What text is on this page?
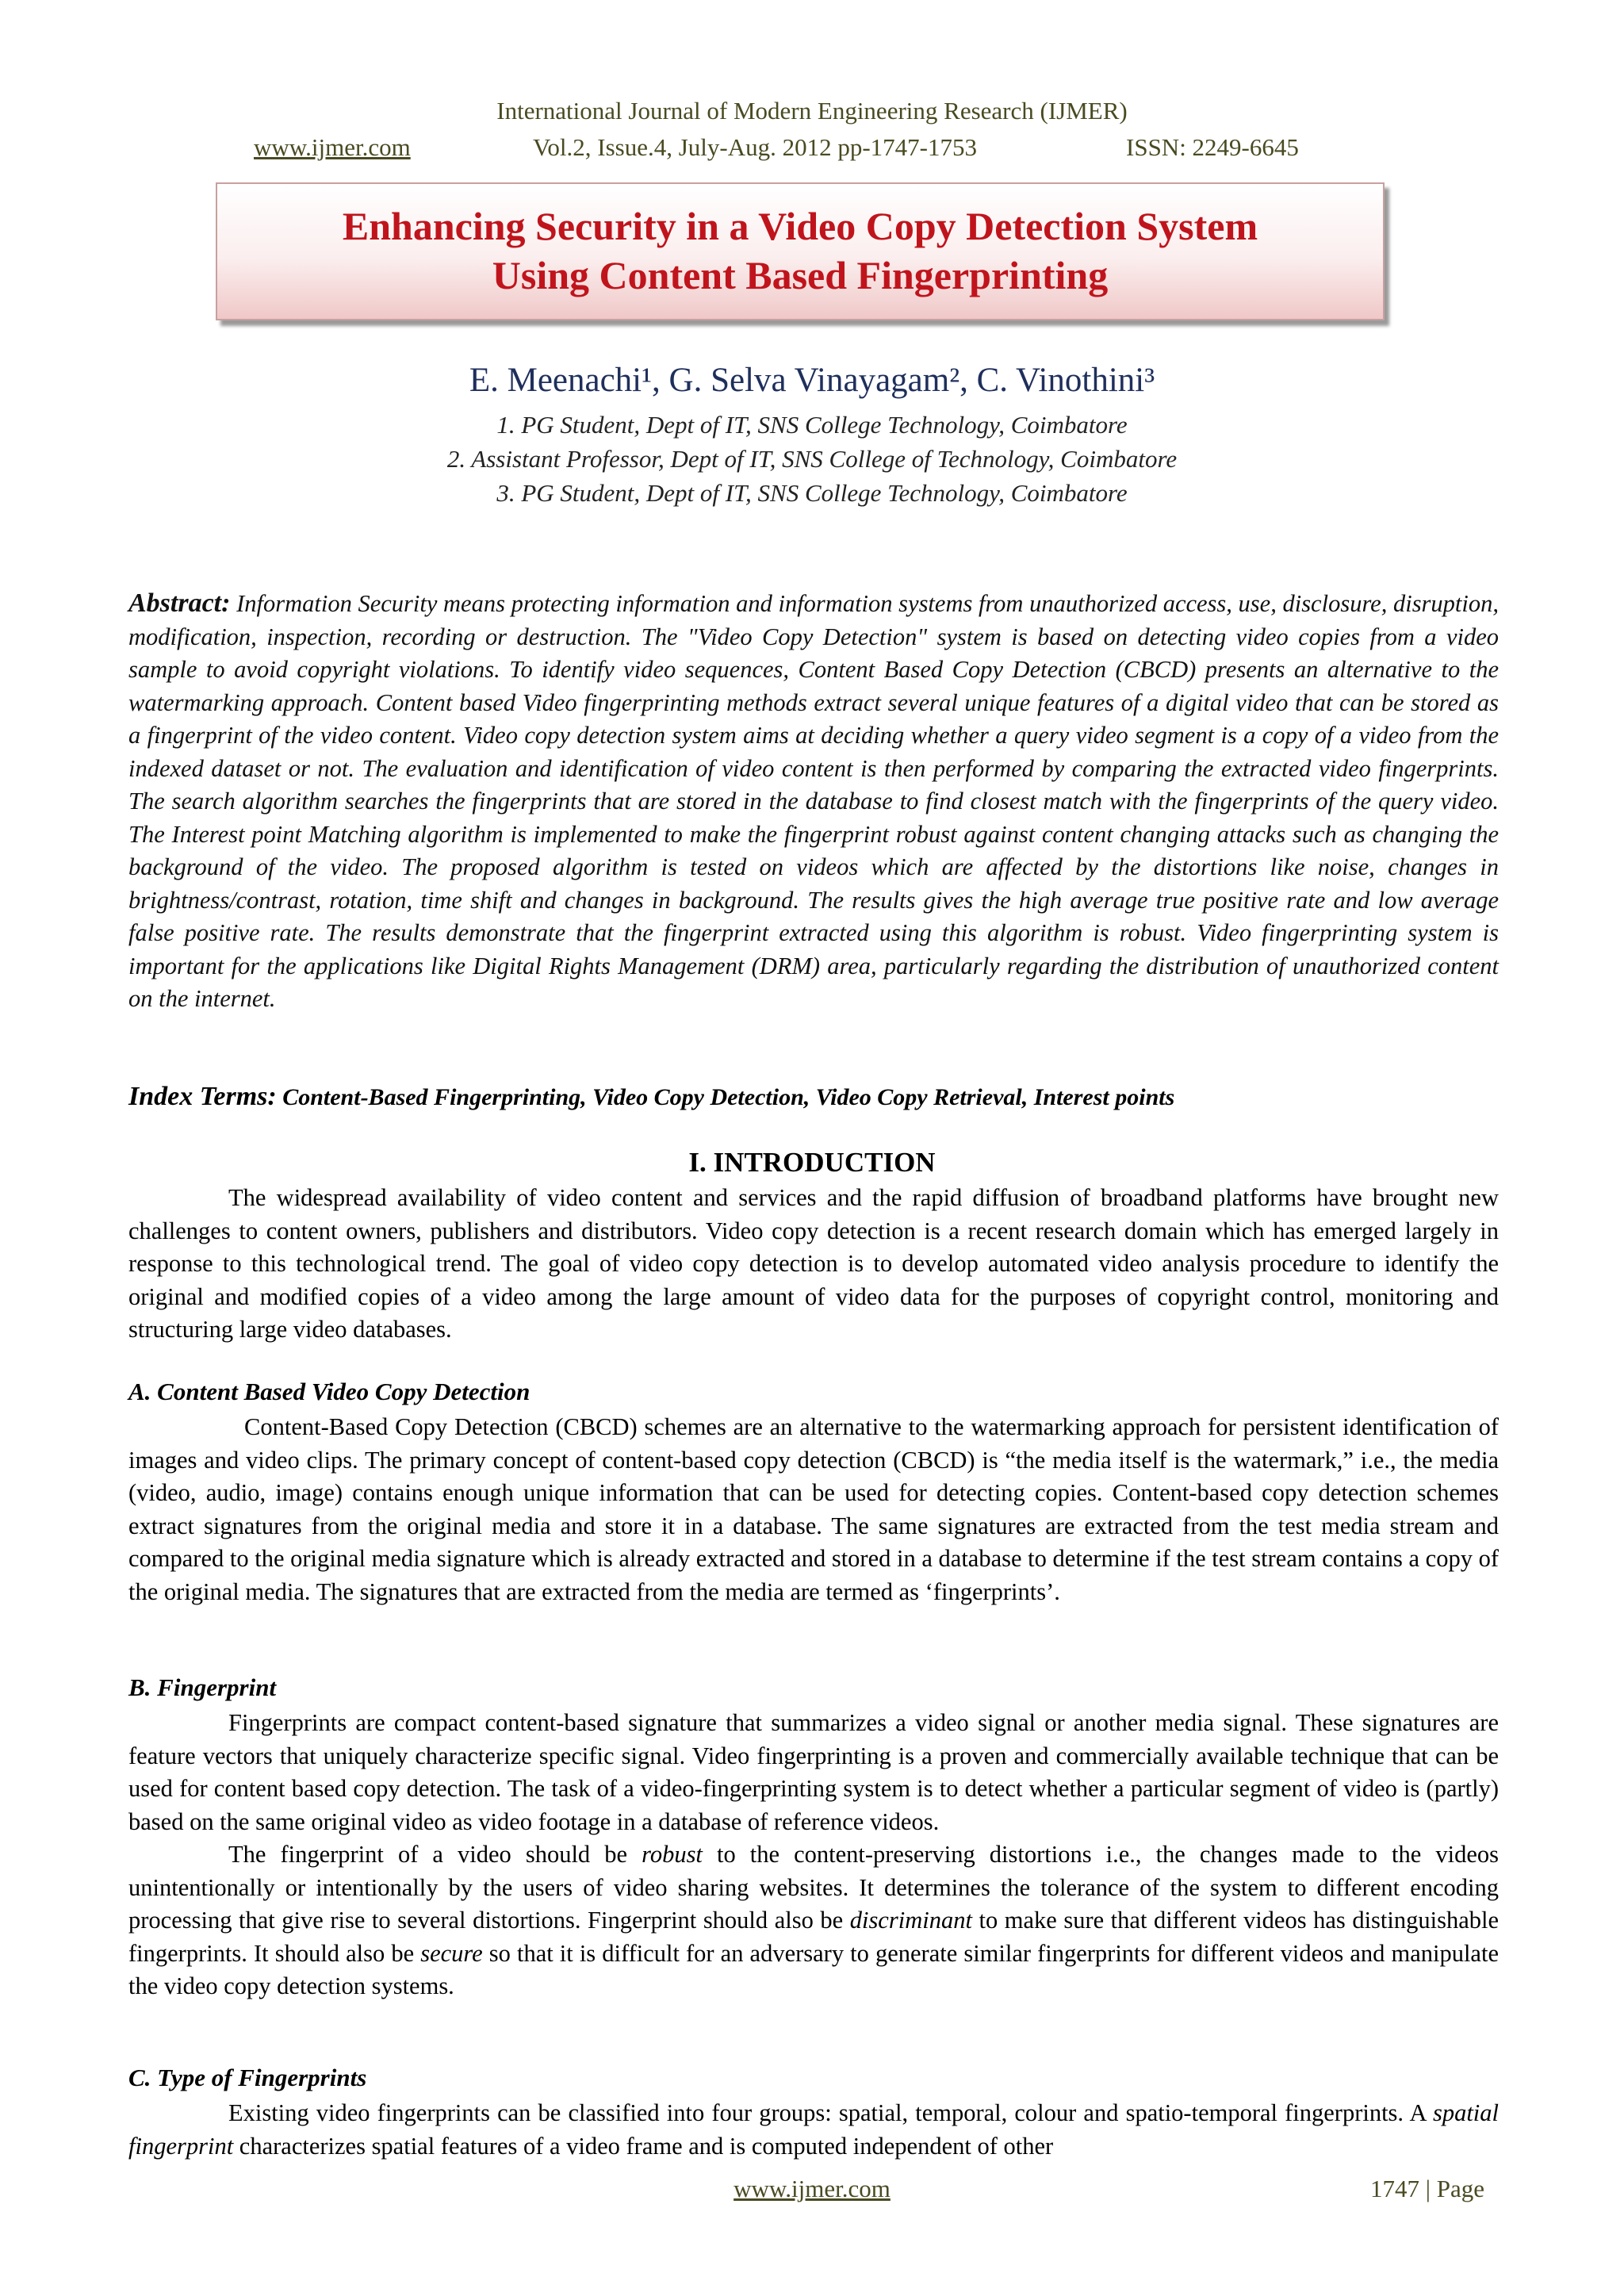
International Journal of Modern Engineering Research (IJMER)
www.ijmer.com	Vol.2, Issue.4, July-Aug. 2012 pp-1747-1753	ISSN: 2249-6645
Enhancing Security in a Video Copy Detection System
Using Content Based Fingerprinting
E. Meenachi¹, G. Selva Vinayagam², C. Vinothini³
1. PG Student, Dept of IT, SNS College Technology, Coimbatore
2. Assistant Professor, Dept of IT, SNS College of Technology, Coimbatore
3. PG Student, Dept of IT, SNS College Technology, Coimbatore
Abstract: Information Security means protecting information and information systems from unauthorized access, use, disclosure, disruption, modification, inspection, recording or destruction. The "Video Copy Detection" system is based on detecting video copies from a video sample to avoid copyright violations. To identify video sequences, Content Based Copy Detection (CBCD) presents an alternative to the watermarking approach. Content based Video fingerprinting methods extract several unique features of a digital video that can be stored as a fingerprint of the video content. Video copy detection system aims at deciding whether a query video segment is a copy of a video from the indexed dataset or not. The evaluation and identification of video content is then performed by comparing the extracted video fingerprints. The search algorithm searches the fingerprints that are stored in the database to find closest match with the fingerprints of the query video. The Interest point Matching algorithm is implemented to make the fingerprint robust against content changing attacks such as changing the background of the video. The proposed algorithm is tested on videos which are affected by the distortions like noise, changes in brightness/contrast, rotation, time shift and changes in background. The results gives the high average true positive rate and low average false positive rate. The results demonstrate that the fingerprint extracted using this algorithm is robust. Video fingerprinting system is important for the applications like Digital Rights Management (DRM) area, particularly regarding the distribution of unauthorized content on the internet.
Index Terms: Content-Based Fingerprinting, Video Copy Detection, Video Copy Retrieval, Interest points
I. INTRODUCTION

The widespread availability of video content and services and the rapid diffusion of broadband platforms have brought new challenges to content owners, publishers and distributors. Video copy detection is a recent research domain which has emerged largely in response to this technological trend. The goal of video copy detection is to develop automated video analysis procedure to identify the original and modified copies of a video among the large amount of video data for the purposes of copyright control, monitoring and structuring large video databases.

A. Content Based Video Copy Detection

Content-Based Copy Detection (CBCD) schemes are an alternative to the watermarking approach for persistent identification of images and video clips. The primary concept of content-based copy detection (CBCD) is “the media itself is the watermark,” i.e., the media (video, audio, image) contains enough unique information that can be used for detecting copies. Content-based copy detection schemes extract signatures from the original media and store it in a database. The same signatures are extracted from the test media stream and compared to the original media signature which is already extracted and stored in a database to determine if the test stream contains a copy of the original media. The signatures that are extracted from the media are termed as ‘fingerprints’.

B. Fingerprint

Fingerprints are compact content-based signature that summarizes a video signal or another media signal. These signatures are feature vectors that uniquely characterize specific signal. Video fingerprinting is a proven and commercially available technique that can be used for content based copy detection. The task of a video-fingerprinting system is to detect whether a particular segment of video is (partly) based on the same original video as video footage in a database of reference videos.

The fingerprint of a video should be robust to the content-preserving distortions i.e., the changes made to the videos unintentionally or intentionally by the users of video sharing websites. It determines the tolerance of the system to different encoding processing that give rise to several distortions. Fingerprint should also be discriminant to make sure that different videos has distinguishable fingerprints. It should also be secure so that it is difficult for an adversary to generate similar fingerprints for different videos and manipulate the video copy detection systems.

C. Type of Fingerprints

Existing video fingerprints can be classified into four groups: spatial, temporal, colour and spatio-temporal fingerprints. A spatial fingerprint characterizes spatial features of a video frame and is computed independent of other

www.ijmer.com	1747 | Page
